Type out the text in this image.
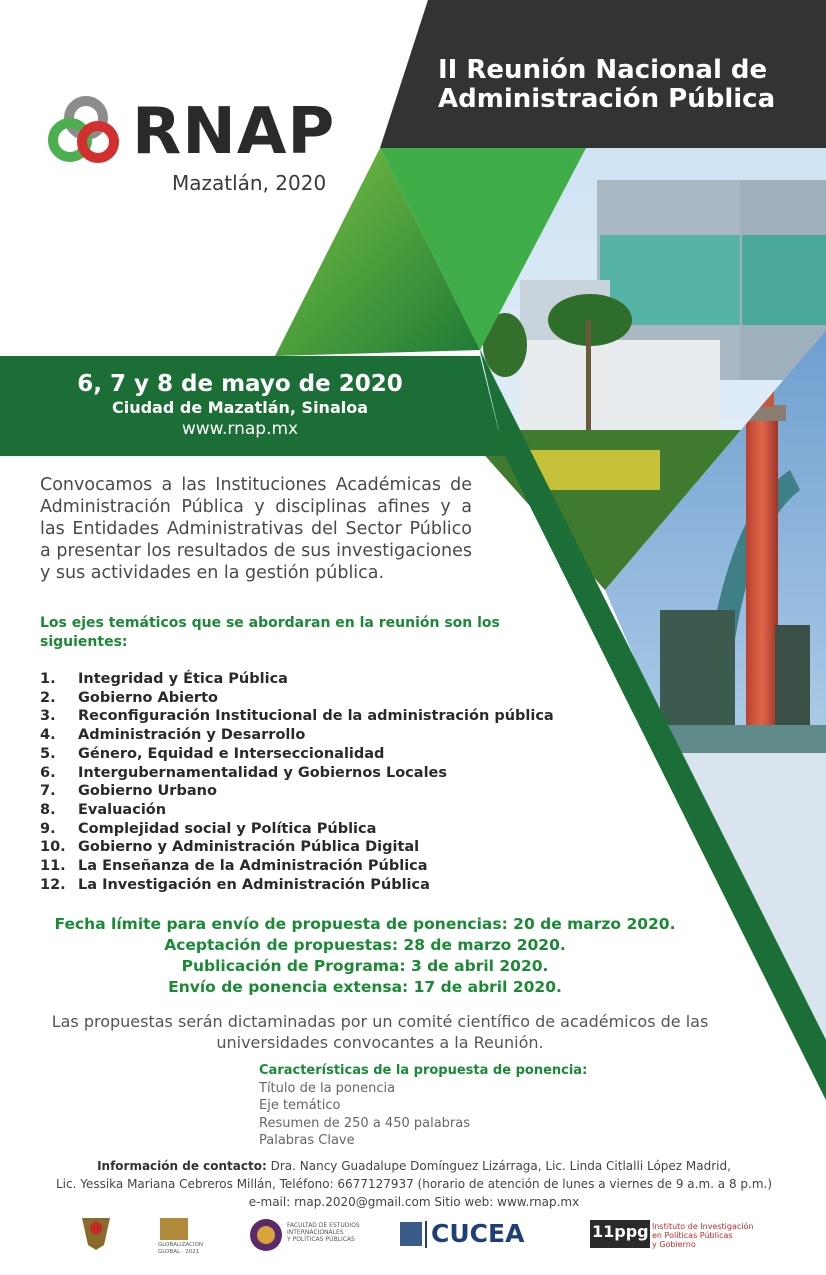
RNAP
Mazatlán, 2020
II Reunión Nacional de Administración Pública
6, 7 y 8 de mayo de 2020
Ciudad de Mazatlán, Sinaloa
www.rnap.mx
Convocamos a las Instituciones Académicas de Administración Pública y disciplinas afines y a las Entidades Administrativas del Sector Público a presentar los resultados de sus investigaciones y sus actividades en la gestión pública.
Los ejes temáticos que se abordaran en la reunión son los siguientes:
1. Integridad y Ética Pública
2. Gobierno Abierto
3. Reconfiguración Institucional de la administración pública
4. Administración y Desarrollo
5. Género, Equidad e Interseccionalidad
6. Intergubernamentalidad y Gobiernos Locales
7. Gobierno Urbano
8. Evaluación
9. Complejidad social y Política Pública
10. Gobierno y Administración Pública Digital
11. La Enseñanza de la Administración Pública
12. La Investigación en Administración Pública
Fecha límite para envío de propuesta de ponencias: 20 de marzo 2020.
Aceptación de propuestas: 28 de marzo 2020.
Publicación de Programa: 3 de abril 2020.
Envío de ponencia extensa: 17 de abril 2020.
Las propuestas serán dictaminadas por un comité científico de académicos de las universidades convocantes a la Reunión.
Características de la propuesta de ponencia:
Título de la ponencia
Eje temático
Resumen de 250 a 450 palabras
Palabras Clave
Información de contacto: Dra. Nancy Guadalupe Domínguez Lizárraga, Lic. Linda Citlalli López Madrid,
Lic. Yessika Mariana Cebreros Millán, Teléfono: 6677127937 (horario de atención de lunes a viernes de 9 a.m. a 8 p.m.)
e-mail: rnap.2020@gmail.com Sitio web: www.rnap.mx
GLOBALIZACIÓN
GLOBAL · 2021
FACULTAD DE ESTUDIOS
INTERNACIONALES
Y POLÍTICAS PÚBLICAS	CUCEA	11ppg Instituto de Investigación
en Políticas Públicas
y Gobierno
